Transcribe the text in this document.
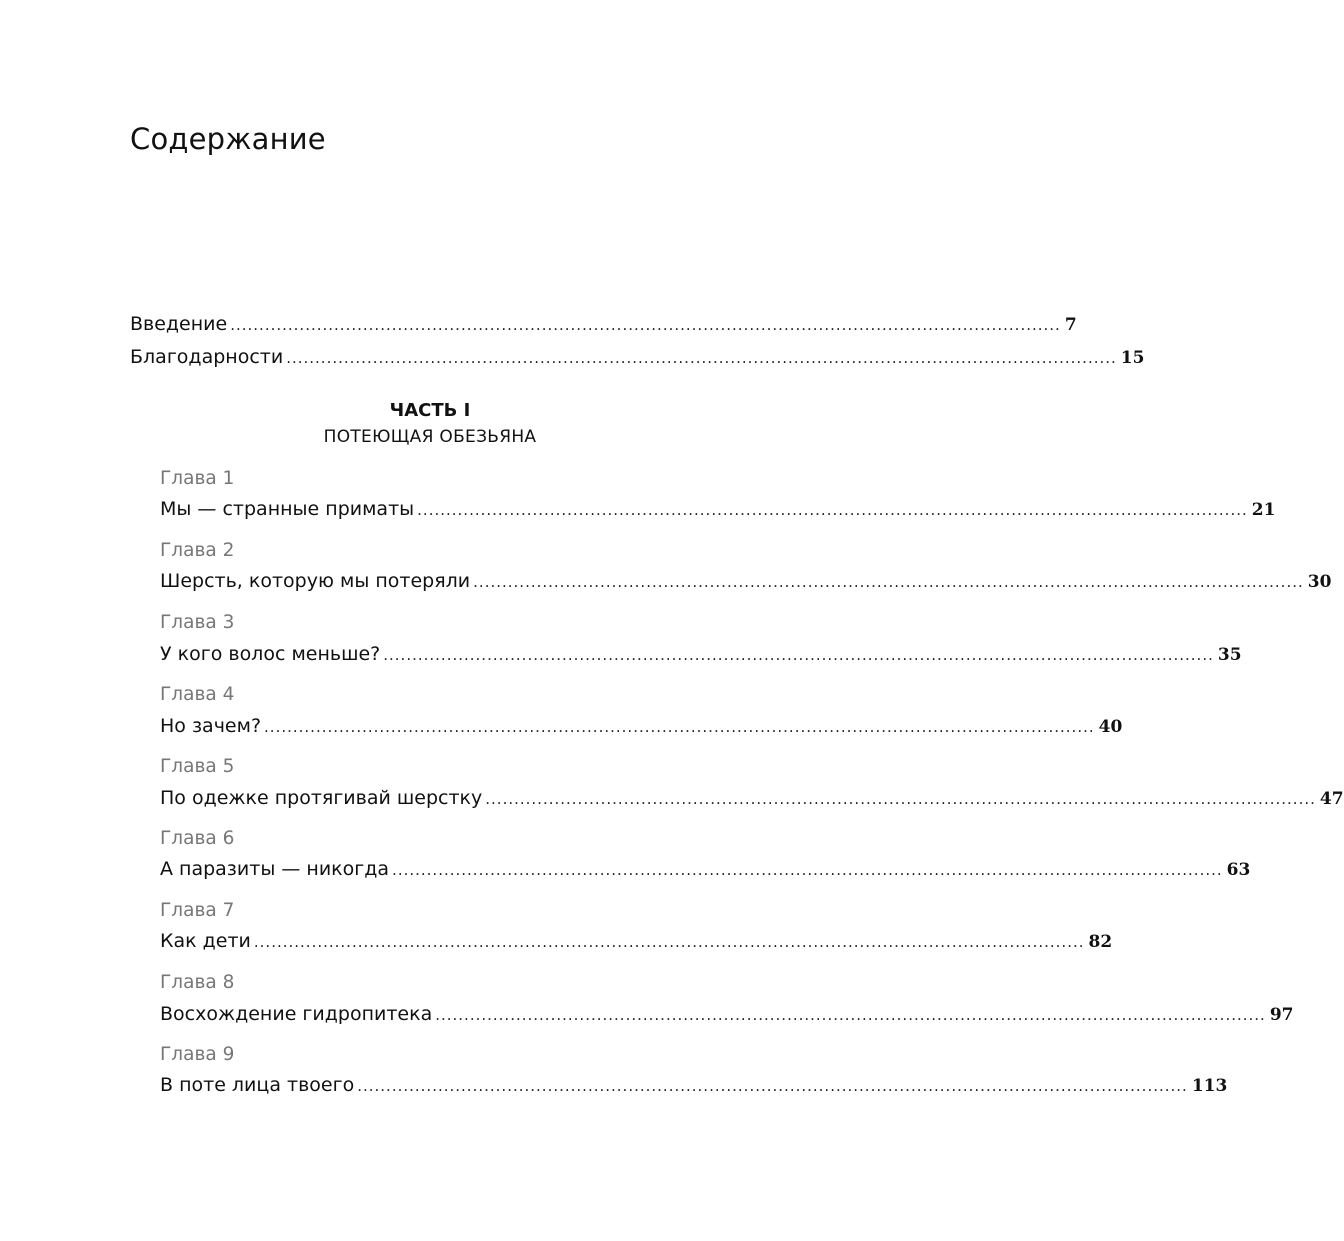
Содержание
Введение ................................................................................................................................................ 7
Благодарности ................................................................................................................................................ 15
ЧАСТЬ I
ПОТЕЮЩАЯ ОБЕЗЬЯНА
Глава 1
Мы — странные приматы ................................................................................................................................................ 21
Глава 2
Шерсть, которую мы потеряли ................................................................................................................................................ 30
Глава 3
У кого волос меньше? ................................................................................................................................................ 35
Глава 4
Но зачем? ................................................................................................................................................ 40
Глава 5
По одежке протягивай шерстку ................................................................................................................................................ 47
Глава 6
А паразиты — никогда ................................................................................................................................................ 63
Глава 7
Как дети ................................................................................................................................................ 82
Глава 8
Восхождение гидропитека ................................................................................................................................................ 97
Глава 9
В поте лица твоего ................................................................................................................................................ 113
